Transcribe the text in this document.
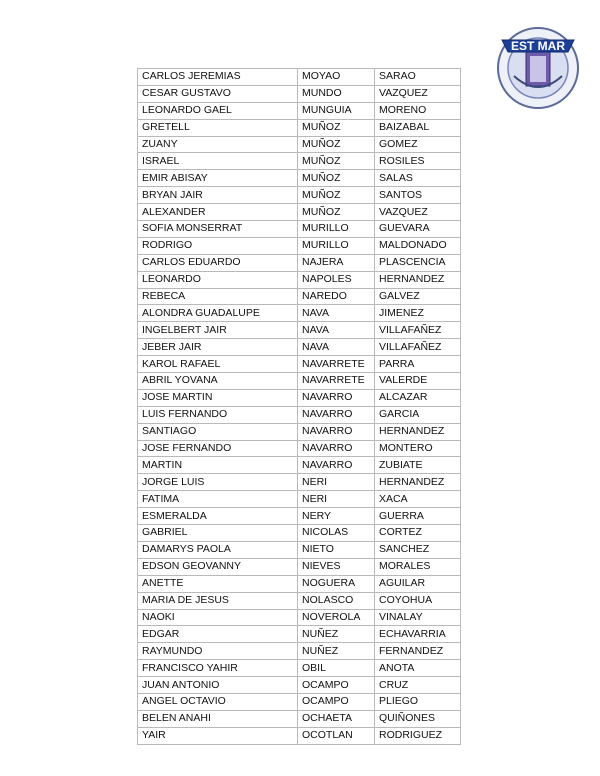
EST MAR
CARLOS JEREMIAS	MOYAO	SARAO
CESAR GUSTAVO	MUNDO	VAZQUEZ
LEONARDO GAEL	MUNGUIA	MORENO
GRETELL	MUÑOZ	BAIZABAL
ZUANY	MUÑOZ	GOMEZ
ISRAEL	MUÑOZ	ROSILES
EMIR ABISAY	MUÑOZ	SALAS
BRYAN JAIR	MUÑOZ	SANTOS
ALEXANDER	MUÑOZ	VAZQUEZ
SOFIA MONSERRAT	MURILLO	GUEVARA
RODRIGO	MURILLO	MALDONADO
CARLOS EDUARDO	NAJERA	PLASCENCIA
LEONARDO	NAPOLES	HERNANDEZ
REBECA	NAREDO	GALVEZ
ALONDRA GUADALUPE	NAVA	JIMENEZ
INGELBERT JAIR	NAVA	VILLAFAÑEZ
JEBER JAIR	NAVA	VILLAFAÑEZ
KAROL RAFAEL	NAVARRETE	PARRA
ABRIL YOVANA	NAVARRETE	VALERDE
JOSE MARTIN	NAVARRO	ALCAZAR
LUIS FERNANDO	NAVARRO	GARCIA
SANTIAGO	NAVARRO	HERNANDEZ
JOSE FERNANDO	NAVARRO	MONTERO
MARTIN	NAVARRO	ZUBIATE
JORGE LUIS	NERI	HERNANDEZ
FATIMA	NERI	XACA
ESMERALDA	NERY	GUERRA
GABRIEL	NICOLAS	CORTEZ
DAMARYS PAOLA	NIETO	SANCHEZ
EDSON GEOVANNY	NIEVES	MORALES
ANETTE	NOGUERA	AGUILAR
MARIA DE JESUS	NOLASCO	COYOHUA
NAOKI	NOVEROLA	VINALAY
EDGAR	NUÑEZ	ECHAVARRIA
RAYMUNDO	NUÑEZ	FERNANDEZ
FRANCISCO YAHIR	OBIL	ANOTA
JUAN ANTONIO	OCAMPO	CRUZ
ANGEL OCTAVIO	OCAMPO	PLIEGO
BELEN ANAHI	OCHAETA	QUIÑONES
YAIR	OCOTLAN	RODRIGUEZ
